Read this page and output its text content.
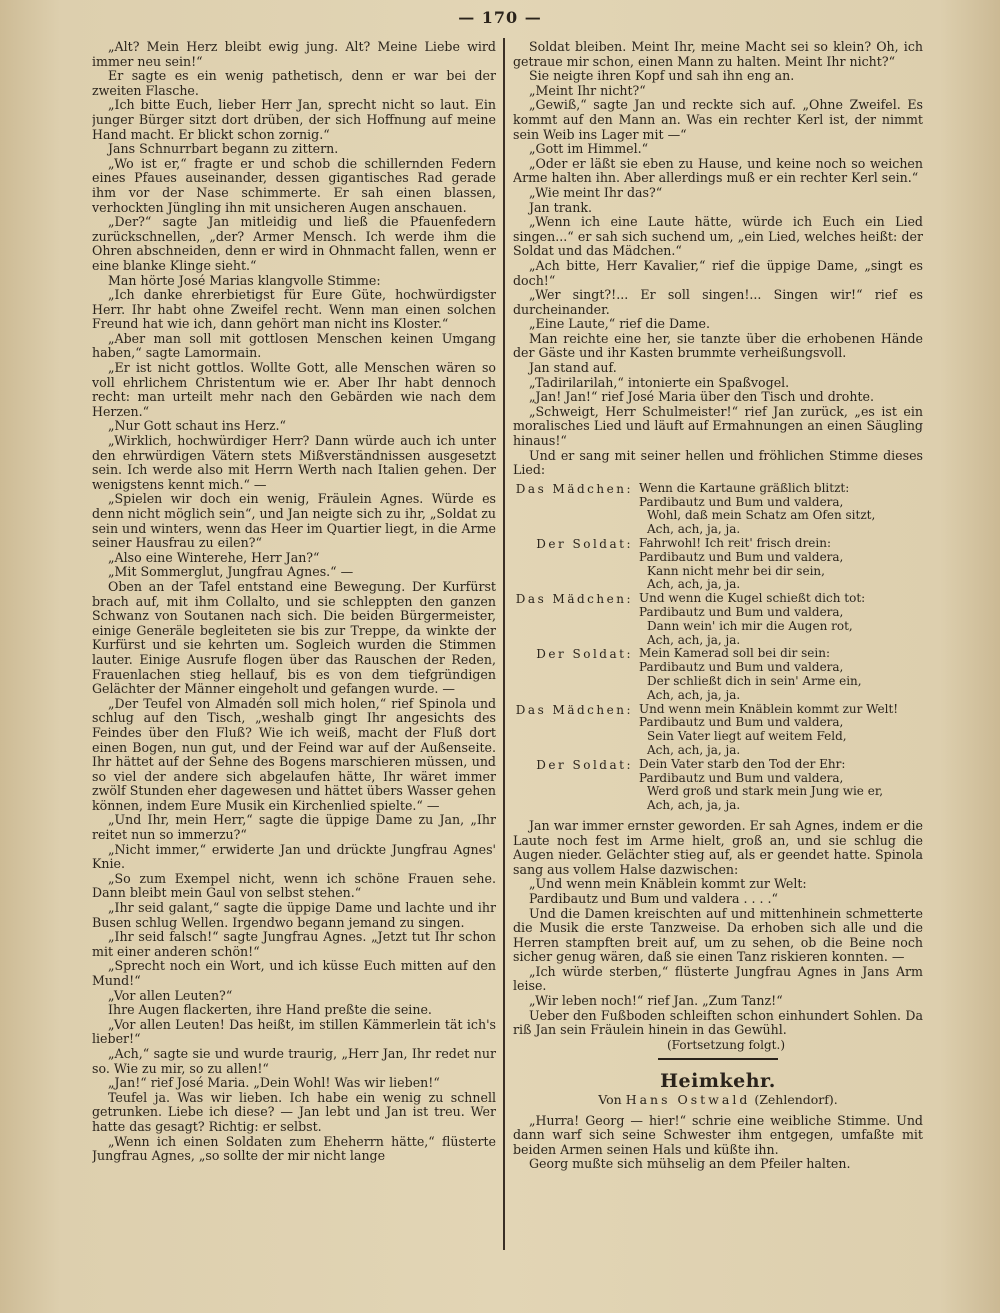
— 170 —

„Alt? Mein Herz bleibt ewig jung. Alt? Meine Liebe wird immer neu sein!“

Er sagte es ein wenig pathetisch, denn er war bei der zweiten Flasche.

„Ich bitte Euch, lieber Herr Jan, sprecht nicht so laut. Ein junger Bürger sitzt dort drüben, der sich Hoffnung auf meine Hand macht. Er blickt schon zornig.“

Jans Schnurrbart begann zu zittern.

„Wo ist er,“ fragte er und schob die schillernden Federn eines Pfaues auseinander, dessen gigantisches Rad gerade ihm vor der Nase schimmerte. Er sah einen blassen, verhockten Jüngling ihn mit unsicheren Augen anschauen.

„Der?“ sagte Jan mitleidig und ließ die Pfauenfedern zurückschnellen, „der? Armer Mensch. Ich werde ihm die Ohren abschneiden, denn er wird in Ohnmacht fallen, wenn er eine blanke Klinge sieht.“

Man hörte José Marias klangvolle Stimme:

„Ich danke ehrerbietigst für Eure Güte, hochwürdigster Herr. Ihr habt ohne Zweifel recht. Wenn man einen solchen Freund hat wie ich, dann gehört man nicht ins Kloster.“

„Aber man soll mit gottlosen Menschen keinen Umgang haben,“ sagte Lamormain.

„Er ist nicht gottlos. Wollte Gott, alle Menschen wären so voll ehrlichem Christentum wie er. Aber Ihr habt dennoch recht: man urteilt mehr nach den Gebärden wie nach dem Herzen.“

„Nur Gott schaut ins Herz.“

„Wirklich, hochwürdiger Herr? Dann würde auch ich unter den ehrwürdigen Vätern stets Mißverständnissen ausgesetzt sein. Ich werde also mit Herrn Werth nach Italien gehen. Der wenigstens kennt mich.“ —

„Spielen wir doch ein wenig, Fräulein Agnes. Würde es denn nicht möglich sein“, und Jan neigte sich zu ihr, „Soldat zu sein und winters, wenn das Heer im Quartier liegt, in die Arme seiner Hausfrau zu eilen?“

„Also eine Winterehe, Herr Jan?“

„Mit Sommerglut, Jungfrau Agnes.“ —

Oben an der Tafel entstand eine Bewegung. Der Kurfürst brach auf, mit ihm Collalto, und sie schleppten den ganzen Schwanz von Soutanen nach sich. Die beiden Bürgermeister, einige Generäle begleiteten sie bis zur Treppe, da winkte der Kurfürst und sie kehrten um. Sogleich wurden die Stimmen lauter. Einige Ausrufe flogen über das Rauschen der Reden, Frauenlachen stieg hellauf, bis es von dem tiefgründigen Gelächter der Männer eingeholt und gefangen wurde. —

„Der Teufel von Almadén soll mich holen,“ rief Spinola und schlug auf den Tisch, „weshalb gingt Ihr angesichts des Feindes über den Fluß? Wie ich weiß, macht der Fluß dort einen Bogen, nun gut, und der Feind war auf der Außenseite. Ihr hättet auf der Sehne des Bogens marschieren müssen, und so viel der andere sich abgelaufen hätte, Ihr wäret immer zwölf Stunden eher dagewesen und hättet übers Wasser gehen können, indem Eure Musik ein Kirchenlied spielte.“ —

„Und Ihr, mein Herr,“ sagte die üppige Dame zu Jan, „Ihr reitet nun so immerzu?“

„Nicht immer,“ erwiderte Jan und drückte Jungfrau Agnes' Knie.

„So zum Exempel nicht, wenn ich schöne Frauen sehe. Dann bleibt mein Gaul von selbst stehen.“

„Ihr seid galant,“ sagte die üppige Dame und lachte und ihr Busen schlug Wellen. Irgendwo begann jemand zu singen.

„Ihr seid falsch!“ sagte Jungfrau Agnes. „Jetzt tut Ihr schon mit einer anderen schön!“

„Sprecht noch ein Wort, und ich küsse Euch mitten auf den Mund!“

„Vor allen Leuten?“

Ihre Augen flackerten, ihre Hand preßte die seine.

„Vor allen Leuten! Das heißt, im stillen Kämmerlein tät ich's lieber!“

„Ach,“ sagte sie und wurde traurig, „Herr Jan, Ihr redet nur so. Wie zu mir, so zu allen!“

„Jan!“ rief José Maria. „Dein Wohl! Was wir lieben!“

Teufel ja. Was wir lieben. Ich habe ein wenig zu schnell getrunken. Liebe ich diese? — Jan lebt und Jan ist treu. Wer hatte das gesagt? Richtig: er selbst.

„Wenn ich einen Soldaten zum Eheherrn hätte,“ flüsterte Jungfrau Agnes, „so sollte der mir nicht lange

Soldat bleiben. Meint Ihr, meine Macht sei so klein? Oh, ich getraue mir schon, einen Mann zu halten. Meint Ihr nicht?“

Sie neigte ihren Kopf und sah ihn eng an.

„Meint Ihr nicht?“

„Gewiß,“ sagte Jan und reckte sich auf. „Ohne Zweifel. Es kommt auf den Mann an. Was ein rechter Kerl ist, der nimmt sein Weib ins Lager mit —“

„Gott im Himmel.“

„Oder er läßt sie eben zu Hause, und keine noch so weichen Arme halten ihn. Aber allerdings muß er ein rechter Kerl sein.“

„Wie meint Ihr das?“

Jan trank.

„Wenn ich eine Laute hätte, würde ich Euch ein Lied singen...“ er sah sich suchend um, „ein Lied, welches heißt: der Soldat und das Mädchen.“

„Ach bitte, Herr Kavalier,“ rief die üppige Dame, „singt es doch!“

„Wer singt?!... Er soll singen!... Singen wir!“ rief es durcheinander.

„Eine Laute,“ rief die Dame.

Man reichte eine her, sie tanzte über die erhobenen Hände der Gäste und ihr Kasten brummte verheißungsvoll.

Jan stand auf.

„Tadirilarilah,“ intonierte ein Spaßvogel.

„Jan! Jan!“ rief José Maria über den Tisch und drohte.

„Schweigt, Herr Schulmeister!“ rief Jan zurück, „es ist ein moralisches Lied und läuft auf Ermahnungen an einen Säugling hinaus!“

Und er sang mit seiner hellen und fröhlichen Stimme dieses Lied:

Das Mädchen: Wenn die Kartaune gräßlich blitzt:
Pardibautz und Bum und valdera,
Wohl, daß mein Schatz am Ofen sitzt,
Ach, ach, ja, ja.
Der Soldat: Fahrwohl! Ich reit' frisch drein:
Pardibautz und Bum und valdera,
Kann nicht mehr bei dir sein,
Ach, ach, ja, ja.
Das Mädchen: Und wenn die Kugel schießt dich tot:
Pardibautz und Bum und valdera,
Dann wein' ich mir die Augen rot,
Ach, ach, ja, ja.
Der Soldat: Mein Kamerad soll bei dir sein:
Pardibautz und Bum und valdera,
Der schließt dich in sein' Arme ein,
Ach, ach, ja, ja.
Das Mädchen: Und wenn mein Knäblein kommt zur Welt!
Pardibautz und Bum und valdera,
Sein Vater liegt auf weitem Feld,
Ach, ach, ja, ja.
Der Soldat: Dein Vater starb den Tod der Ehr:
Pardibautz und Bum und valdera,
Werd groß und stark mein Jung wie er,
Ach, ach, ja, ja.

Jan war immer ernster geworden. Er sah Agnes, indem er die Laute noch fest im Arme hielt, groß an, und sie schlug die Augen nieder. Gelächter stieg auf, als er geendet hatte. Spinola sang aus vollem Halse dazwischen:

„Und wenn mein Knäblein kommt zur Welt:

Pardibautz und Bum und valdera . . . .“

Und die Damen kreischten auf und mittenhinein schmetterte die Musik die erste Tanzweise. Da erhoben sich alle und die Herren stampften breit auf, um zu sehen, ob die Beine noch sicher genug wären, daß sie einen Tanz riskieren konnten. —

„Ich würde sterben,“ flüsterte Jungfrau Agnes in Jans Arm leise.

„Wir leben noch!“ rief Jan. „Zum Tanz!“

Ueber den Fußboden schleiften schon einhundert Sohlen. Da riß Jan sein Fräulein hinein in das Gewühl.

(Fortsetzung folgt.)

Heimkehr.
Von Hans Ostwald (Zehlendorf).

„Hurra! Georg — hier!“ schrie eine weibliche Stimme. Und dann warf sich seine Schwester ihm entgegen, umfaßte mit beiden Armen seinen Hals und küßte ihn.

Georg mußte sich mühselig an dem Pfeiler halten.
